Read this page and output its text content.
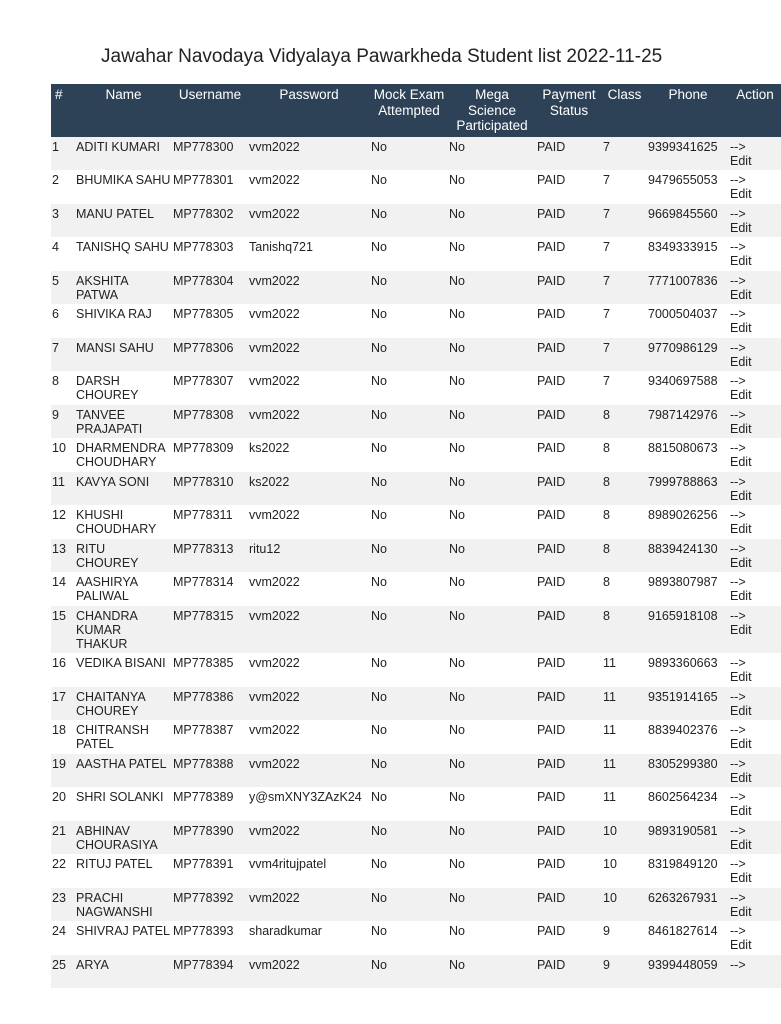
Jawahar Navodaya Vidyalaya Pawarkheda Student list 2022-11-25
#	Name	Username	Password	Mock Exam Attempted	Mega Science Participated	Payment Status	Class	Phone	Action
1	ADITI KUMARI	MP778300	vvm2022	No	No	PAID	7	9399341625	-->
Edit
2	BHUMIKA SAHU	MP778301	vvm2022	No	No	PAID	7	9479655053	-->
Edit
3	MANU PATEL	MP778302	vvm2022	No	No	PAID	7	9669845560	-->
Edit
4	TANISHQ SAHU	MP778303	Tanishq721	No	No	PAID	7	8349333915	-->
Edit
5	AKSHITA PATWA	MP778304	vvm2022	No	No	PAID	7	7771007836	-->
Edit
6	SHIVIKA RAJ	MP778305	vvm2022	No	No	PAID	7	7000504037	-->
Edit
7	MANSI SAHU	MP778306	vvm2022	No	No	PAID	7	9770986129	-->
Edit
8	DARSH CHOUREY	MP778307	vvm2022	No	No	PAID	7	9340697588	-->
Edit
9	TANVEE PRAJAPATI	MP778308	vvm2022	No	No	PAID	8	7987142976	-->
Edit
10	DHARMENDRA CHOUDHARY	MP778309	ks2022	No	No	PAID	8	8815080673	-->
Edit
11	KAVYA SONI	MP778310	ks2022	No	No	PAID	8	7999788863	-->
Edit
12	KHUSHI CHOUDHARY	MP778311	vvm2022	No	No	PAID	8	8989026256	-->
Edit
13	RITU CHOUREY	MP778313	ritu12	No	No	PAID	8	8839424130	-->
Edit
14	AASHIRYA PALIWAL	MP778314	vvm2022	No	No	PAID	8	9893807987	-->
Edit
15	CHANDRA KUMAR THAKUR	MP778315	vvm2022	No	No	PAID	8	9165918108	-->
Edit
16	VEDIKA BISANI	MP778385	vvm2022	No	No	PAID	11	9893360663	-->
Edit
17	CHAITANYA CHOUREY	MP778386	vvm2022	No	No	PAID	11	9351914165	-->
Edit
18	CHITRANSH PATEL	MP778387	vvm2022	No	No	PAID	11	8839402376	-->
Edit
19	AASTHA PATEL	MP778388	vvm2022	No	No	PAID	11	8305299380	-->
Edit
20	SHRI SOLANKI	MP778389	y@smXNY3ZAzK24	No	No	PAID	11	8602564234	-->
Edit
21	ABHINAV CHOURASIYA	MP778390	vvm2022	No	No	PAID	10	9893190581	-->
Edit
22	RITUJ PATEL	MP778391	vvm4ritujpatel	No	No	PAID	10	8319849120	-->
Edit
23	PRACHI NAGWANSHI	MP778392	vvm2022	No	No	PAID	10	6263267931	-->
Edit
24	SHIVRAJ PATEL	MP778393	sharadkumar	No	No	PAID	9	8461827614	-->
Edit
25	ARYA	MP778394	vvm2022	No	No	PAID	9	9399448059	-->
